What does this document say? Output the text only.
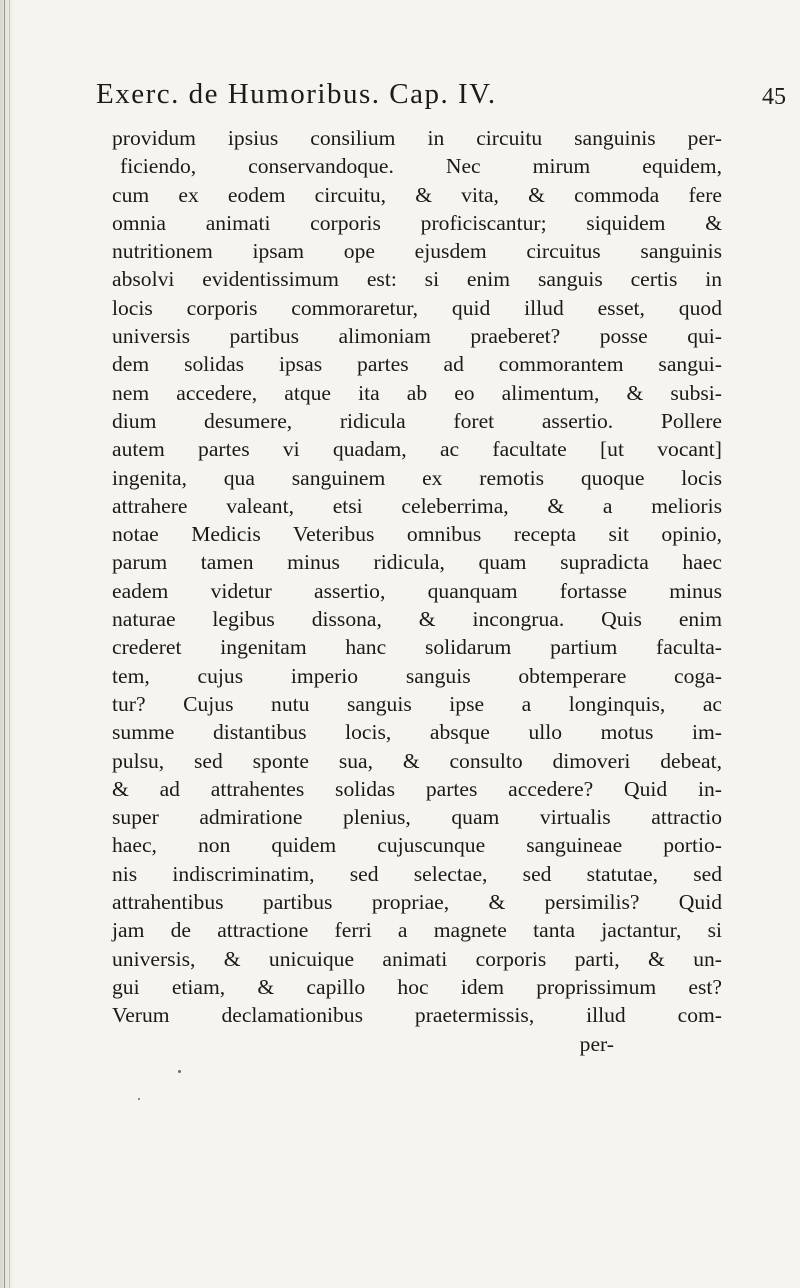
Exerc. de Humoribus. Cap. IV.	45
providum ipsius consilium in circuitu sanguinis per-
ficiendo, conservandoque. Nec mirum equidem,
cum ex eodem circuitu, & vita, & commoda fere
omnia animati corporis proficiscantur; siquidem &
nutritionem ipsam ope ejusdem circuitus sanguinis
absolvi evidentissimum est: si enim sanguis certis in
locis corporis commoraretur, quid illud esset, quod
universis partibus alimoniam praeberet? posse qui-
dem solidas ipsas partes ad commorantem sangui-
nem accedere, atque ita ab eo alimentum, & subsi-
dium desumere, ridicula foret assertio. Pollere
autem partes vi quadam, ac facultate [ut vocant]
ingenita, qua sanguinem ex remotis quoque locis
attrahere valeant, etsi celeberrima, & a melioris
notae Medicis Veteribus omnibus recepta sit opinio,
parum tamen minus ridicula, quam supradicta haec
eadem videtur assertio, quanquam fortasse minus
naturae legibus dissona, & incongrua. Quis enim
crederet ingenitam hanc solidarum partium faculta-
tem, cujus imperio sanguis obtemperare coga-
tur? Cujus nutu sanguis ipse a longinquis, ac
summe distantibus locis, absque ullo motus im-
pulsu, sed sponte sua, & consulto dimoveri debeat,
& ad attrahentes solidas partes accedere? Quid in-
super admiratione plenius, quam virtualis attractio
haec, non quidem cujuscunque sanguineae portio-
nis indiscriminatim, sed selectae, sed statutae, sed
attrahentibus partibus propriae, & persimilis? Quid
jam de attractione ferri a magnete tanta jactantur, si
universis, & unicuique animati corporis parti, & un-
gui etiam, & capillo hoc idem proprissimum est?
Verum declamationibus praetermissis, illud com-
per-
